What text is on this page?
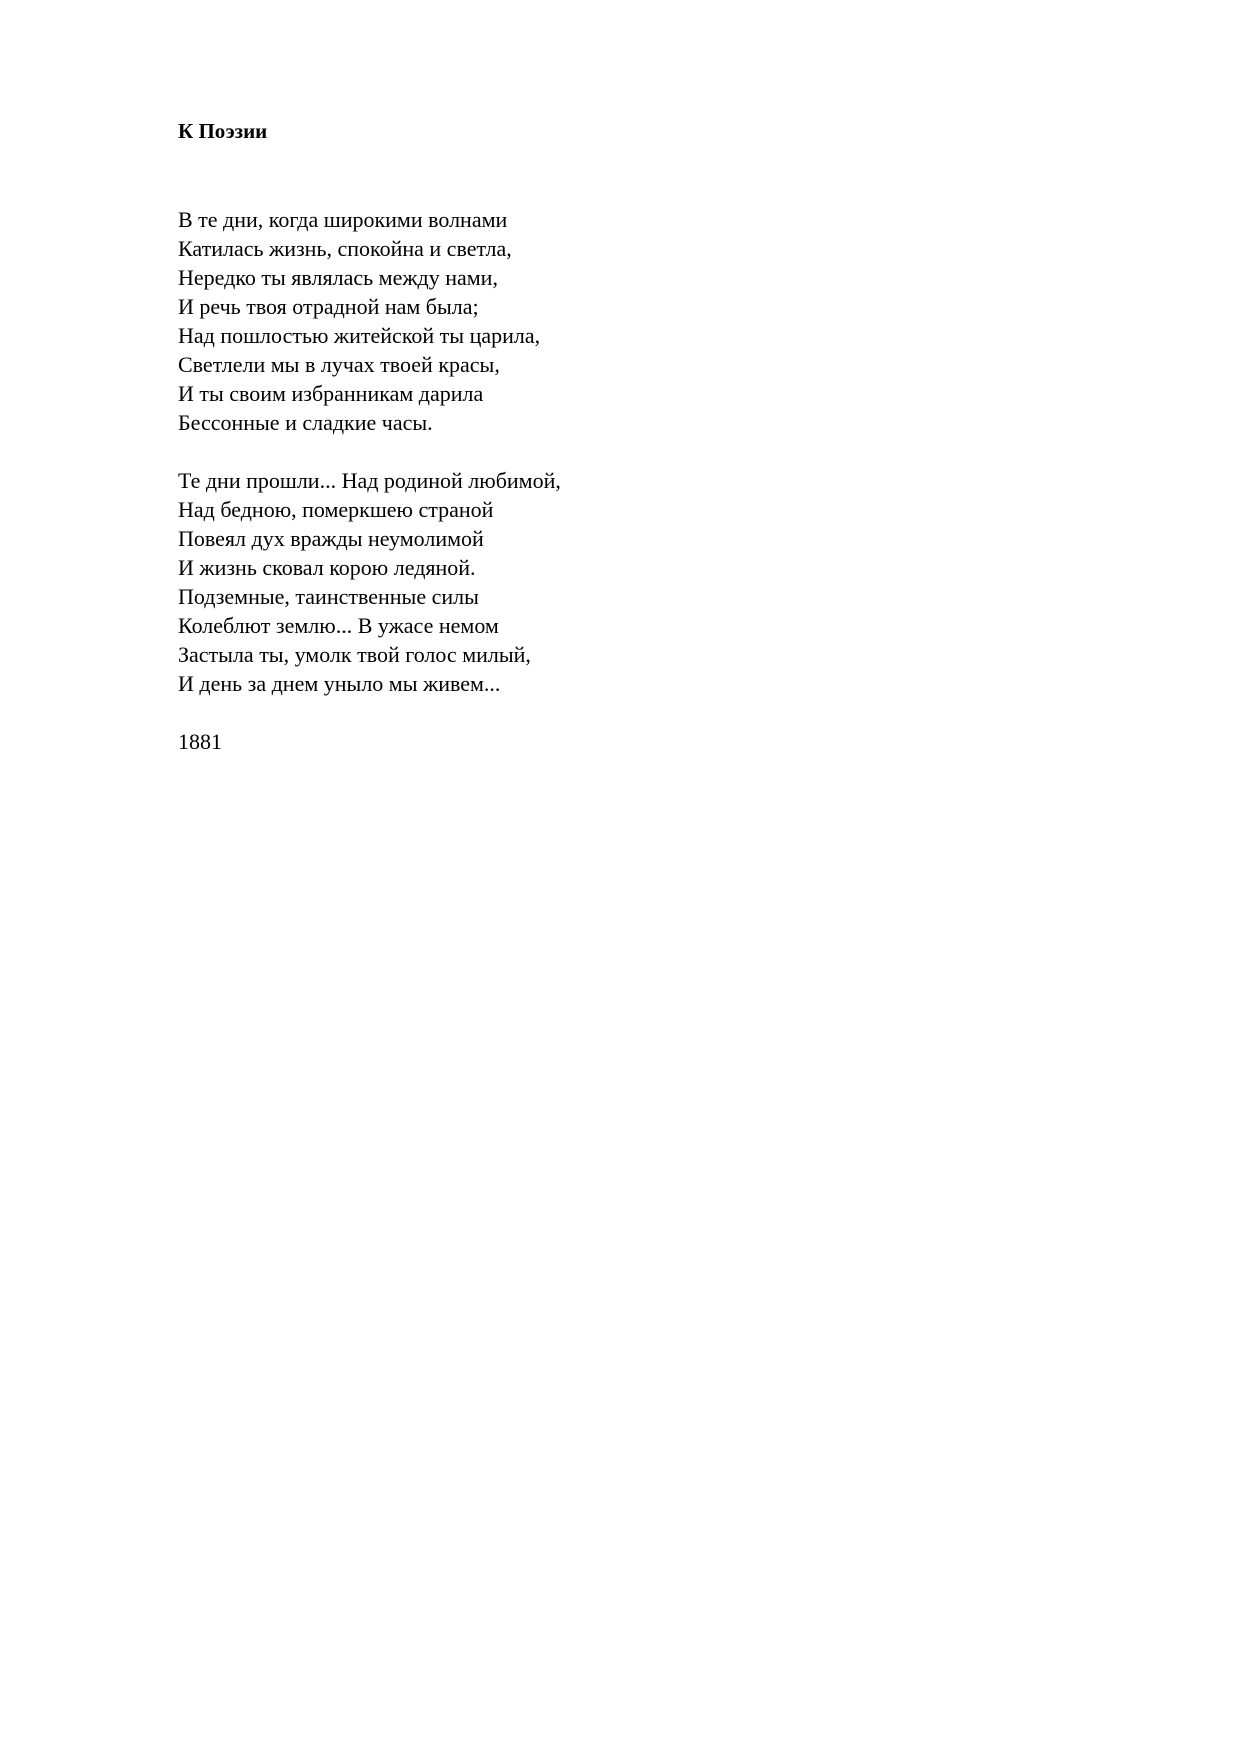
К Поэзии
В те дни, когда широкими волнами
Катилась жизнь, спокойна и светла,
Нередко ты являлась между нами,
И речь твоя отрадной нам была;
Над пошлостью житейской ты царила,
Светлели мы в лучах твоей красы,
И ты своим избранникам дарила
Бессонные и сладкие часы.
Те дни прошли... Над родиной любимой,
Над бедною, померкшею страной
Повеял дух вражды неумолимой
И жизнь сковал корою ледяной.
Подземные, таинственные силы
Колеблют землю... В ужасе немом
Застыла ты, умолк твой голос милый,
И день за днем уныло мы живем...
1881
